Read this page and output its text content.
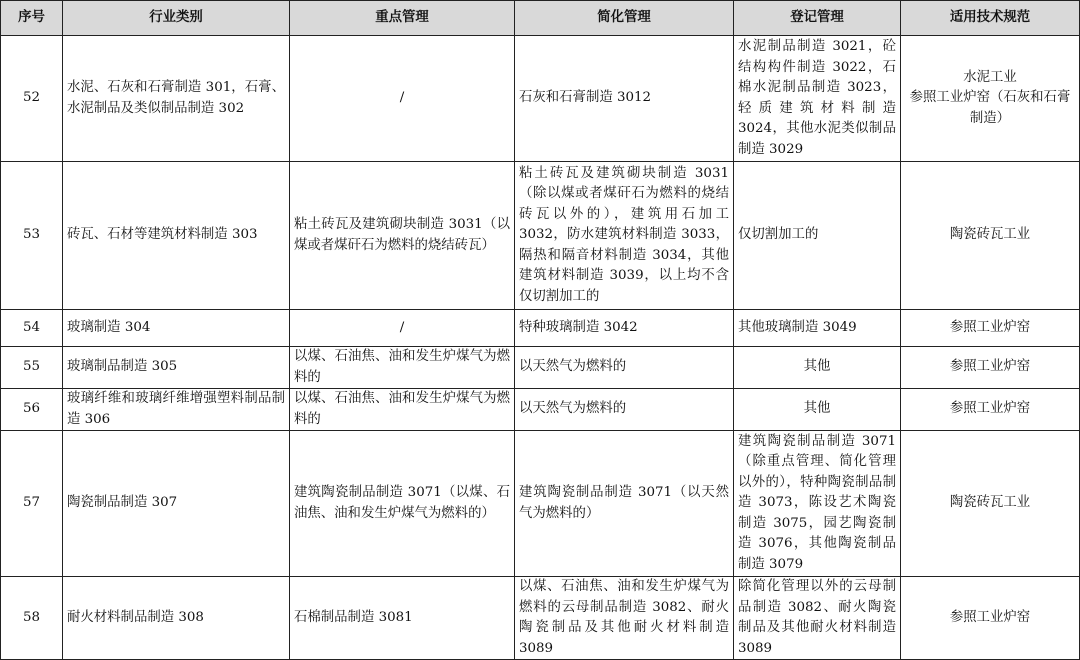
序号	行业类别	重点管理	简化管理	登记管理	适用技术规范
52	水泥、石灰和石膏制造 301，石膏、水泥制品及类似制品制造 302	/	石灰和石膏制造 3012	水泥制品制造 3021，砼结构构件制造 3022，石棉水泥制品制造 3023，轻质建筑材料制造 3024，其他水泥类似制品制造 3029	水泥工业
参照工业炉窑（石灰和石膏制造）
53	砖瓦、石材等建筑材料制造 303	粘土砖瓦及建筑砌块制造 3031（以煤或者煤矸石为燃料的烧结砖瓦）	粘土砖瓦及建筑砌块制造 3031（除以煤或者煤矸石为燃料的烧结砖瓦以外的），建筑用石加工 3032，防水建筑材料制造 3033，隔热和隔音材料制造 3034，其他建筑材料制造 3039，以上均不含仅切割加工的	仅切割加工的	陶瓷砖瓦工业
54	玻璃制造 304	/	特种玻璃制造 3042	其他玻璃制造 3049	参照工业炉窑
55	玻璃制品制造 305	以煤、石油焦、油和发生炉煤气为燃料的	以天然气为燃料的	其他	参照工业炉窑
56	玻璃纤维和玻璃纤维增强塑料制品制造 306	以煤、石油焦、油和发生炉煤气为燃料的	以天然气为燃料的	其他	参照工业炉窑
57	陶瓷制品制造 307	建筑陶瓷制品制造 3071（以煤、石油焦、油和发生炉煤气为燃料的）	建筑陶瓷制品制造 3071（以天然气为燃料的）	建筑陶瓷制品制造 3071（除重点管理、简化管理以外的），特种陶瓷制品制造 3073，陈设艺术陶瓷制造 3075，园艺陶瓷制造 3076，其他陶瓷制品制造 3079	陶瓷砖瓦工业
58	耐火材料制品制造 308	石棉制品制造 3081	以煤、石油焦、油和发生炉煤气为燃料的云母制品制造 3082、耐火陶瓷制品及其他耐火材料制造 3089	除简化管理以外的云母制品制造 3082、耐火陶瓷制品及其他耐火材料制造 3089	参照工业炉窑
